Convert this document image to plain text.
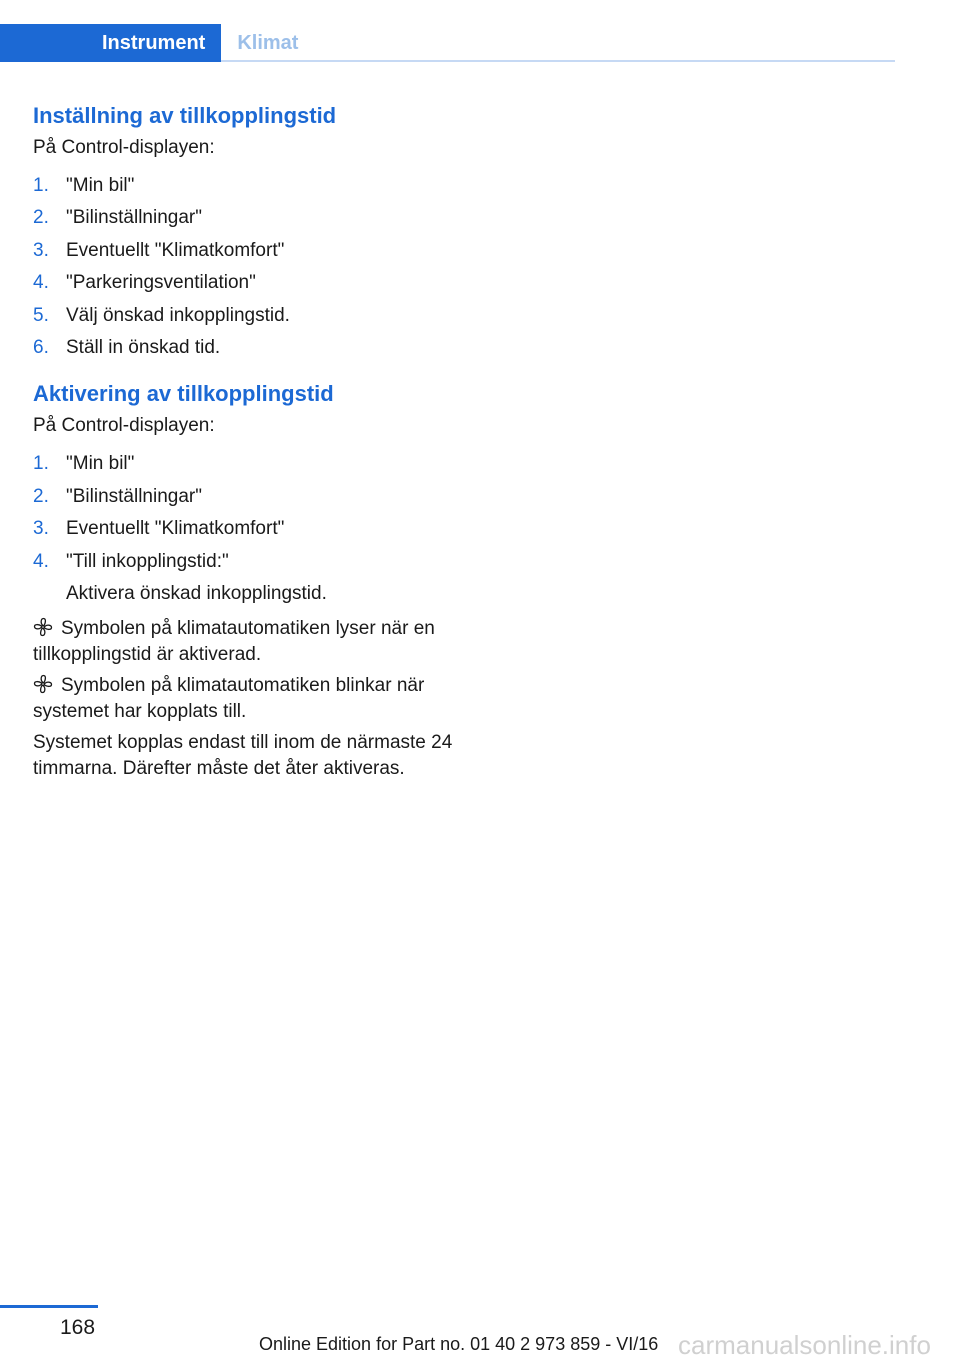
Instrument	Klimat
Inställning av tillkopplingstid
På Control-displayen:
1. "Min bil"
2. "Bilinställningar"
3. Eventuellt "Klimatkomfort"
4. "Parkeringsventilation"
5. Välj önskad inkopplingstid.
6. Ställ in önskad tid.
Aktivering av tillkopplingstid
På Control-displayen:
1. "Min bil"
2. "Bilinställningar"
3. Eventuellt "Klimatkomfort"
4. "Till inkopplingstid:"
Aktivera önskad inkopplingstid.

Symbolen på klimatautomatiken lyser när en tillkopplingstid är aktiverad.

Symbolen på klimatautomatiken blinkar när systemet har kopplats till.

Systemet kopplas endast till inom de närmaste 24 timmarna. Därefter måste det åter aktiveras.

168
Online Edition for Part no. 01 40 2 973 859 - VI/16 carmanualsonline.info
